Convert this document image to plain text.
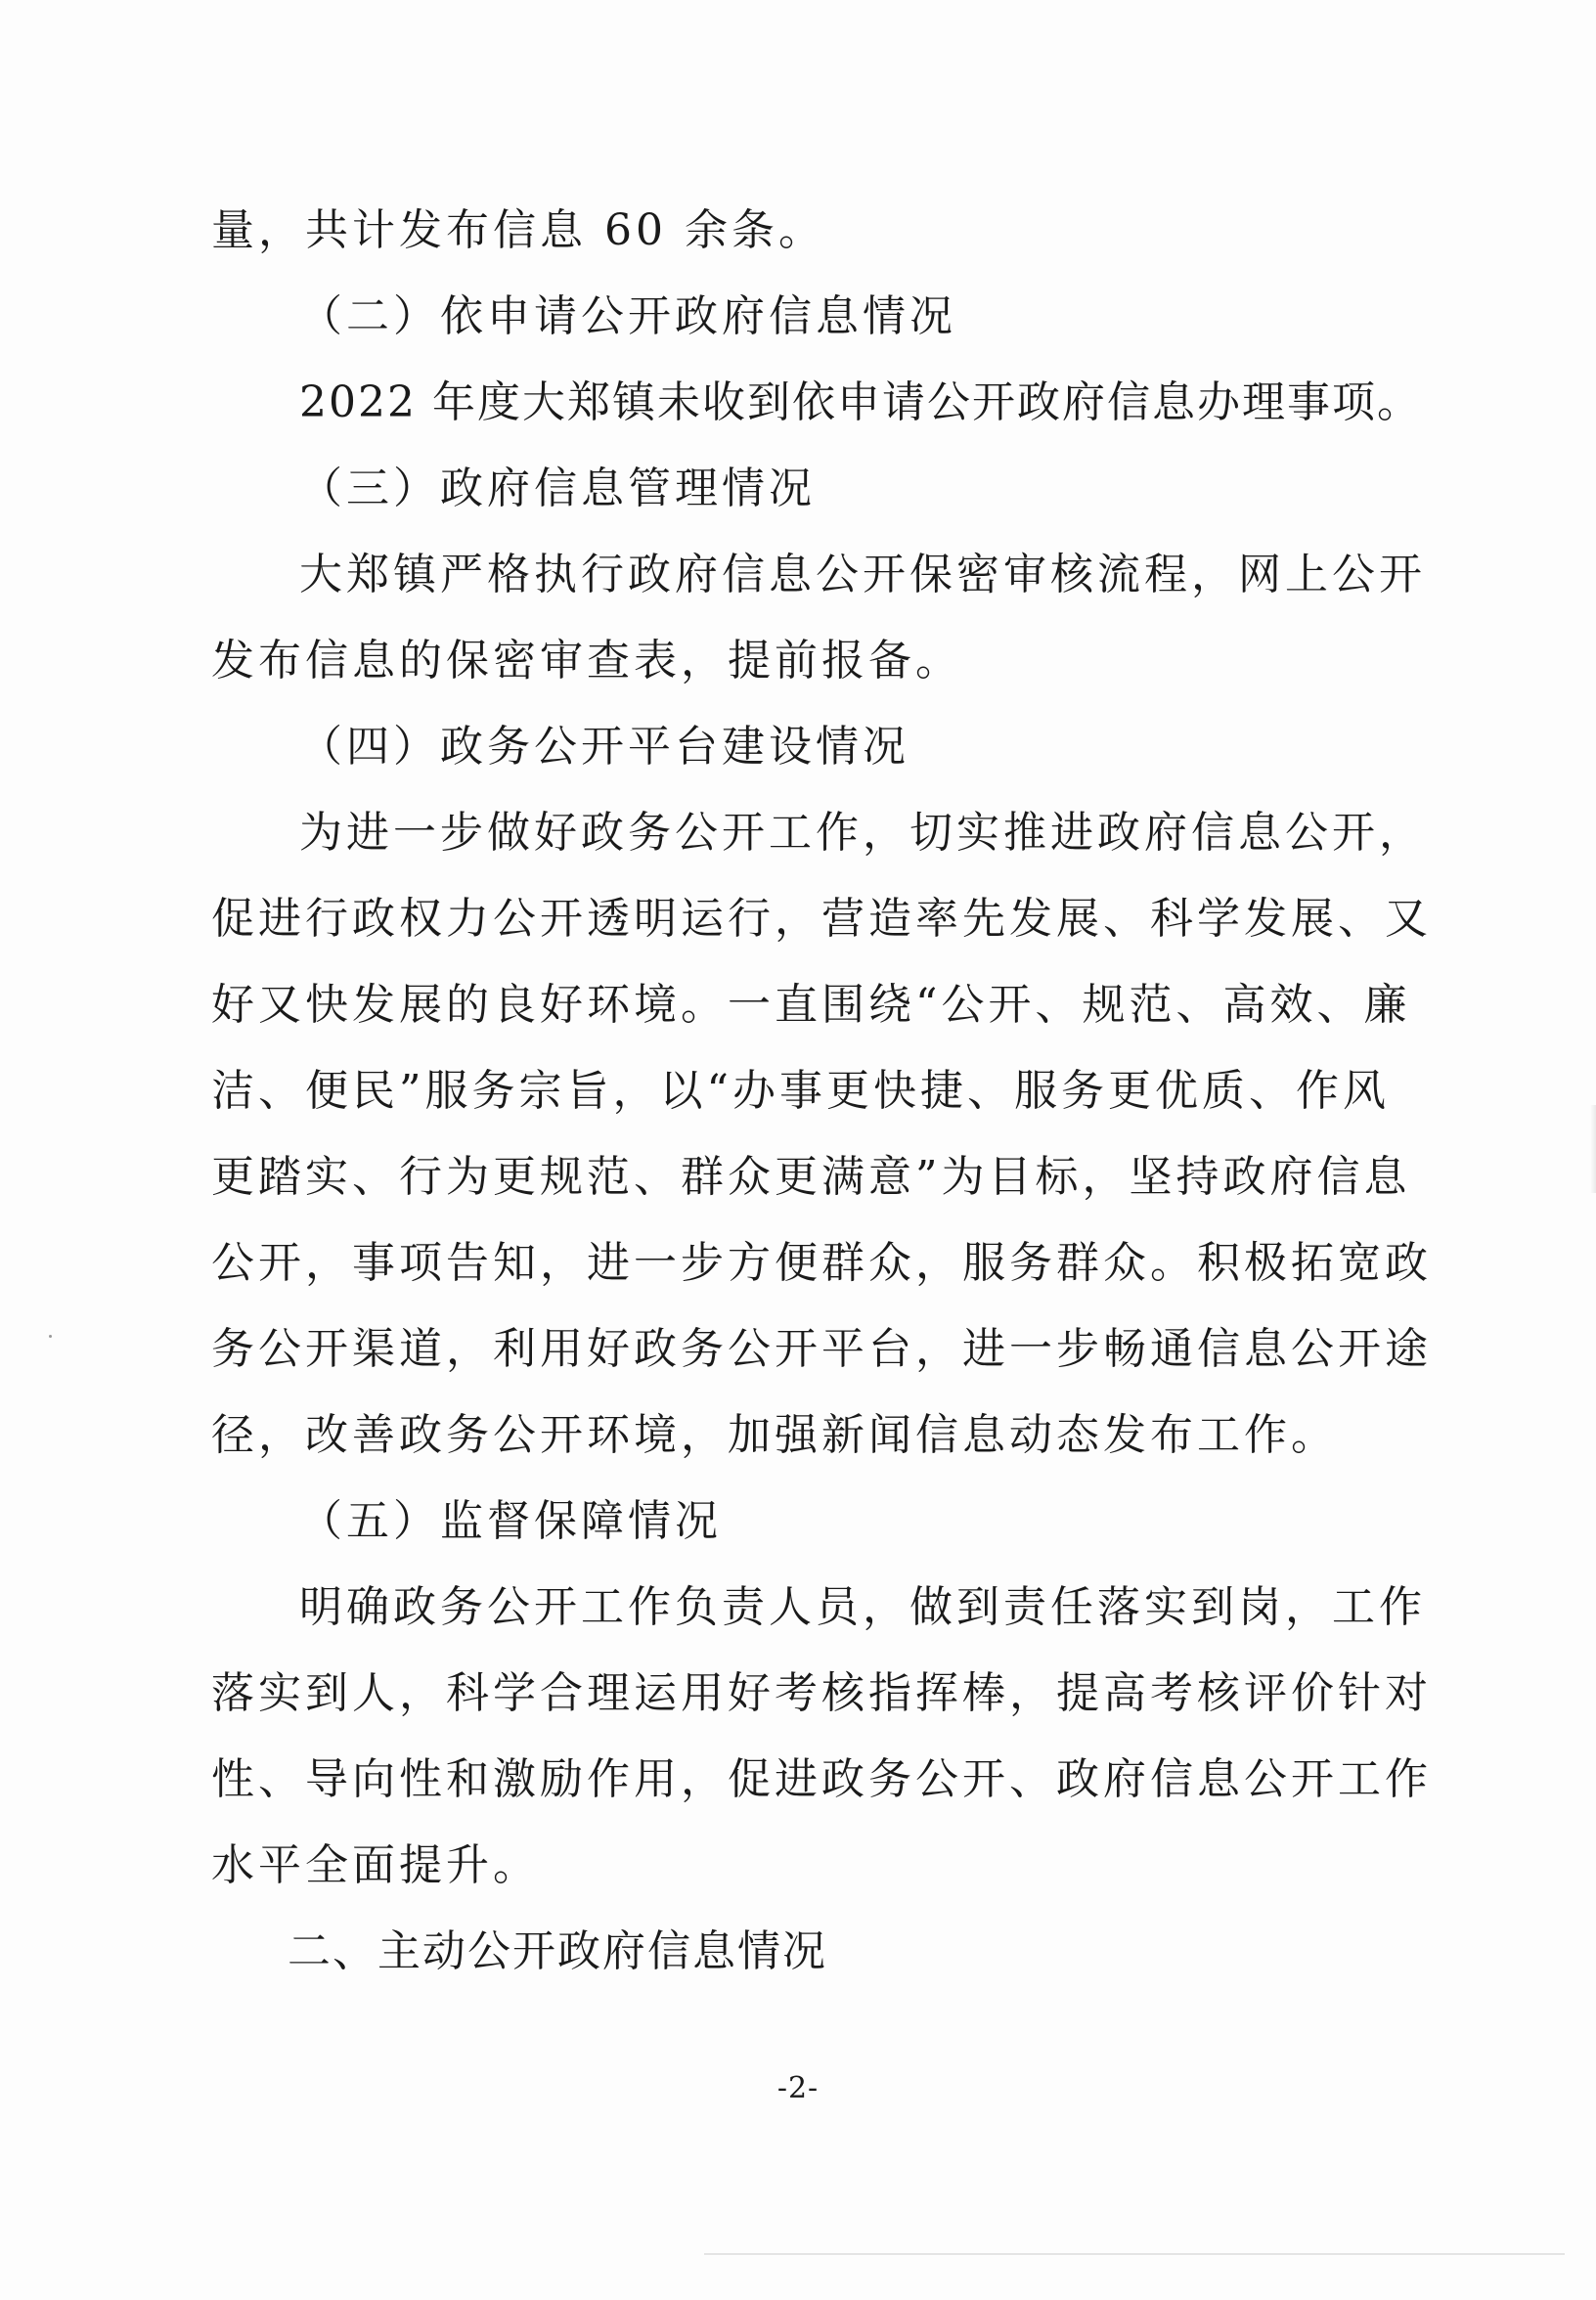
量，共计发布信息 60 余条。
（二）依申请公开政府信息情况
2022 年度大郑镇未收到依申请公开政府信息办理事项。
（三）政府信息管理情况
大郑镇严格执行政府信息公开保密审核流程，网上公开
发布信息的保密审查表，提前报备。
（四）政务公开平台建设情况
为进一步做好政务公开工作，切实推进政府信息公开，
促进行政权力公开透明运行，营造率先发展、科学发展、又
好又快发展的良好环境。一直围绕“公开、规范、高效、廉
洁、便民”服务宗旨，以“办事更快捷、服务更优质、作风
更踏实、行为更规范、群众更满意”为目标，坚持政府信息
公开，事项告知，进一步方便群众，服务群众。积极拓宽政
务公开渠道，利用好政务公开平台，进一步畅通信息公开途
径，改善政务公开环境，加强新闻信息动态发布工作。
（五）监督保障情况
明确政务公开工作负责人员，做到责任落实到岗，工作
落实到人，科学合理运用好考核指挥棒，提高考核评价针对
性、导向性和激励作用，促进政务公开、政府信息公开工作
水平全面提升。
二、主动公开政府信息情况
-2-
